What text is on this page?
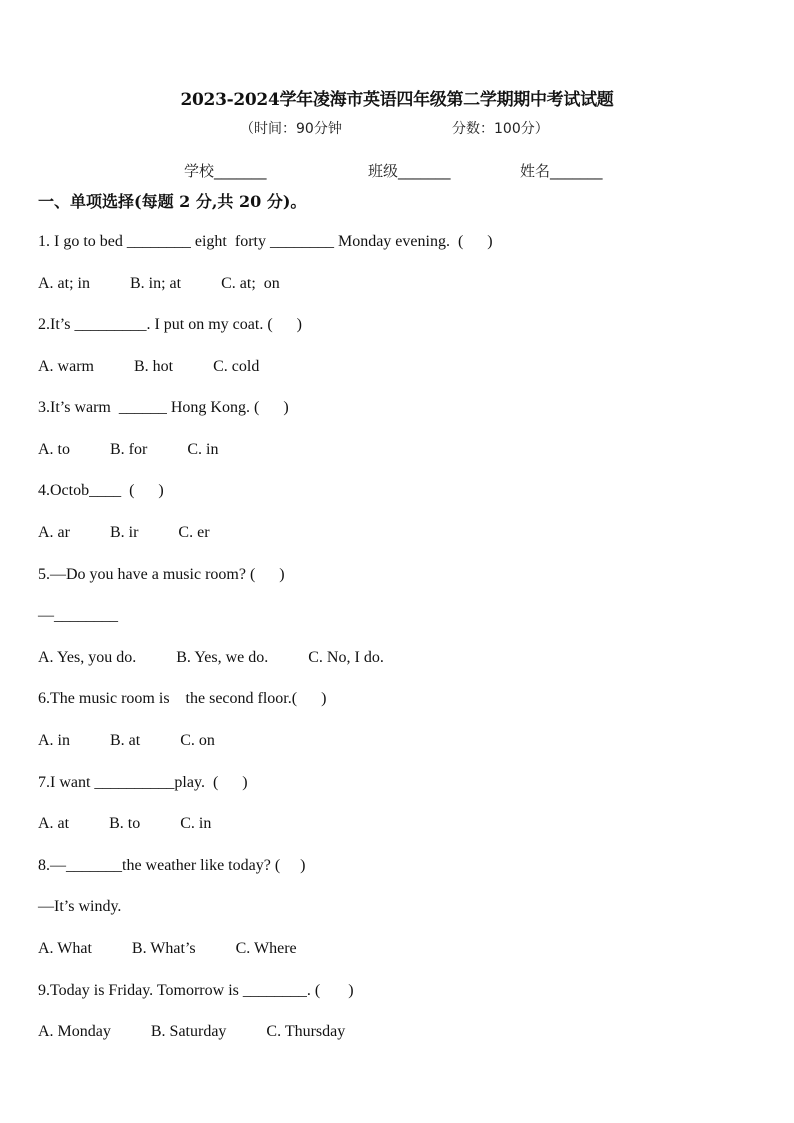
2023-2024学年凌海市英语四年级第二学期期中考试试题
（时间：90分钟	分数：100分）
学校_______	班级_______	姓名_______
一、单项选择(每题 2 分,共 20 分)。
1. I go to bed ________ eight  forty ________ Monday evening.  (      )
A. at; in          B. in; at          C. at;  on
2.It’s _________. I put on my coat. (      )
A. warm          B. hot          C. cold
3.It’s warm  ______ Hong Kong. (      )
A. to          B. for          C. in
4.Octob____  (      )
A. ar          B. ir          C. er
5.—Do you have a music room? (      )
—________
A. Yes, you do.          B. Yes, we do.          C. No, I do.
6.The music room is    the second floor.(      )
A. in          B. at          C. on
7.I want __________play.  (      )
A. at          B. to          C. in
8.—_______the weather like today? (     )
—It’s windy.
A. What          B. What’s          C. Where
9.Today is Friday. Tomorrow is ________. (       )
A. Monday          B. Saturday          C. Thursday
